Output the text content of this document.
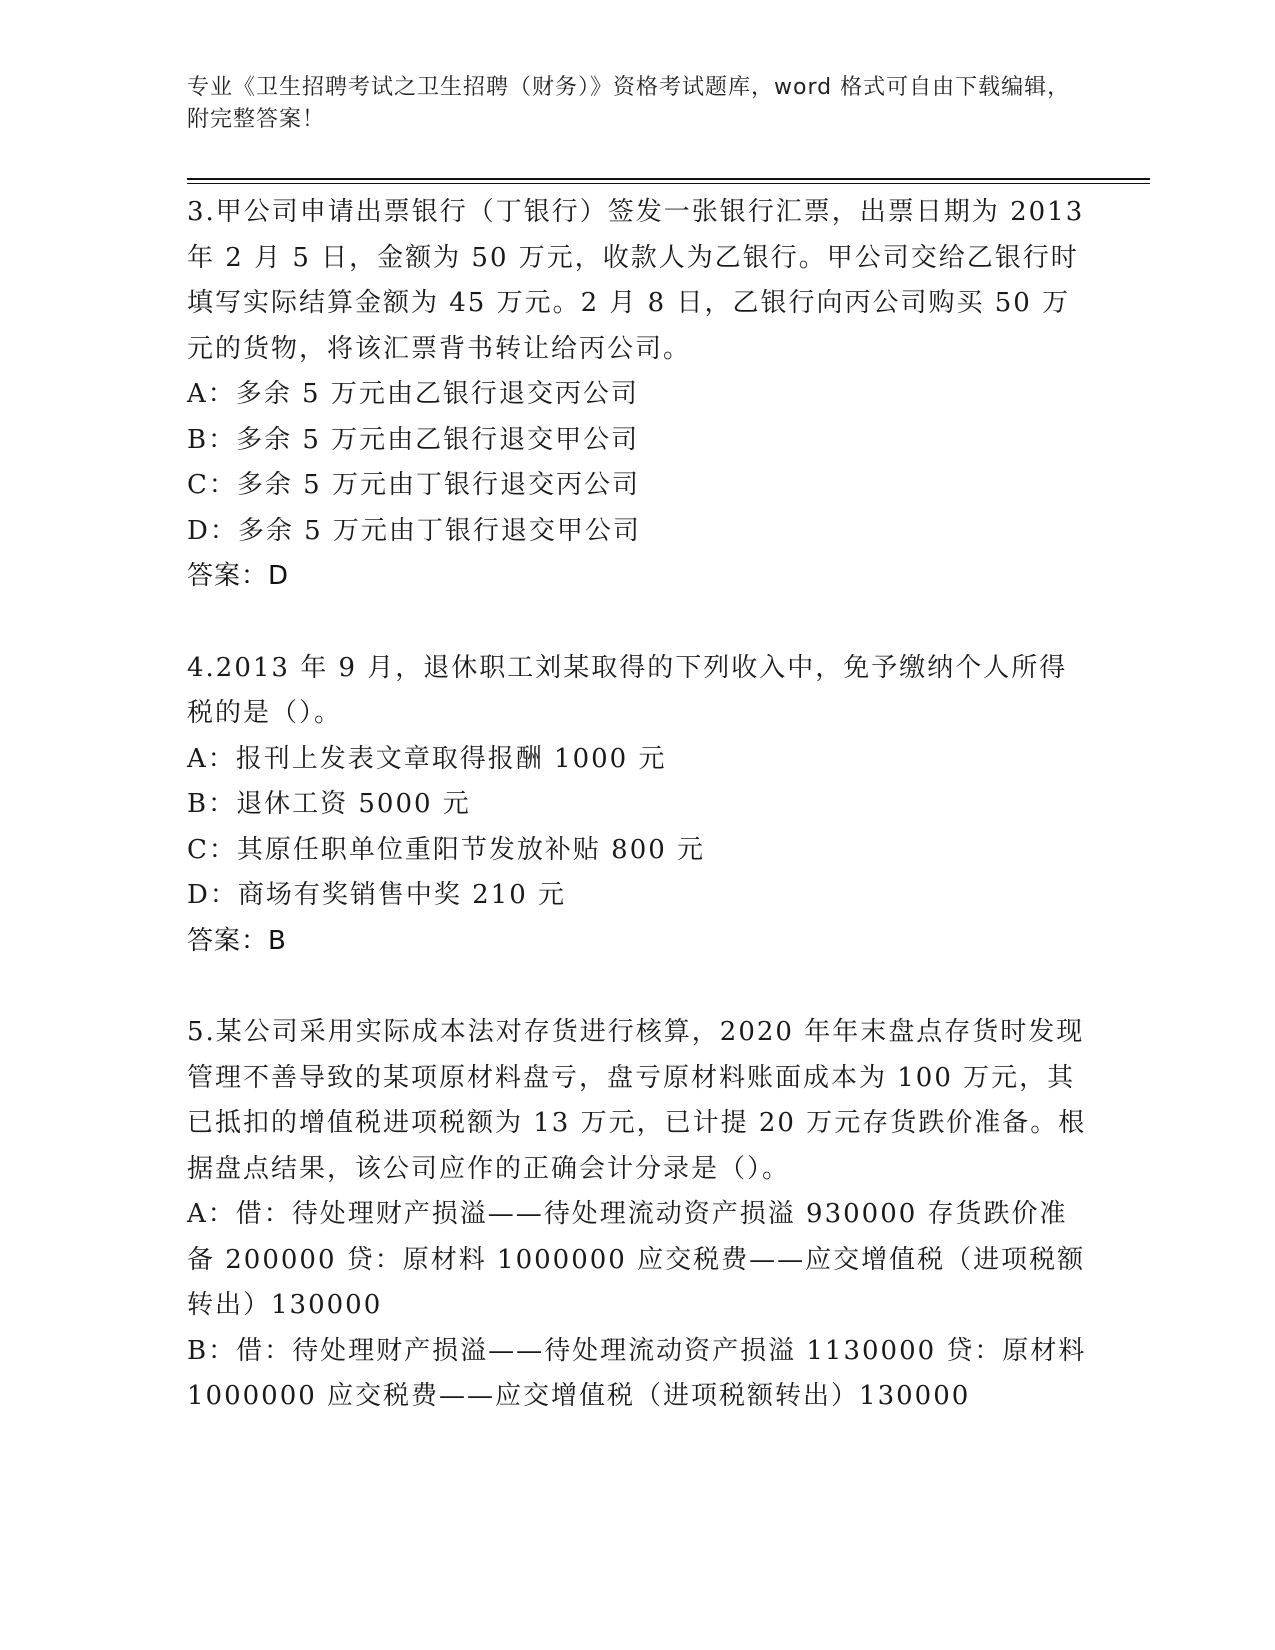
专业《卫生招聘考试之卫生招聘（财务）》资格考试题库，word 格式可自由下载编辑，附完整答案！

3.甲公司申请出票银行（丁银行）签发一张银行汇票，出票日期为 2013 年 2 月 5 日，金额为 50 万元，收款人为乙银行。甲公司交给乙银行时填写实际结算金额为 45 万元。2 月 8 日，乙银行向丙公司购买 50 万元的货物，将该汇票背书转让给丙公司。

A：多余 5 万元由乙银行退交丙公司

B：多余 5 万元由乙银行退交甲公司

C：多余 5 万元由丁银行退交丙公司

D：多余 5 万元由丁银行退交甲公司

答案：D

4.2013 年 9 月，退休职工刘某取得的下列收入中，免予缴纳个人所得税的是（）。

A：报刊上发表文章取得报酬 1000 元

B：退休工资 5000 元

C：其原任职单位重阳节发放补贴 800 元

D：商场有奖销售中奖 210 元

答案：B

5.某公司采用实际成本法对存货进行核算，2020 年年末盘点存货时发现管理不善导致的某项原材料盘亏，盘亏原材料账面成本为 100 万元，其已抵扣的增值税进项税额为 13 万元，已计提 20 万元存货跌价准备。根据盘点结果，该公司应作的正确会计分录是（）。

A：借：待处理财产损溢——待处理流动资产损溢 930000 存货跌价准备 200000 贷：原材料 1000000 应交税费——应交增值税（进项税额转出）130000

B：借：待处理财产损溢——待处理流动资产损溢 1130000 贷：原材料 1000000 应交税费——应交增值税（进项税额转出）130000
